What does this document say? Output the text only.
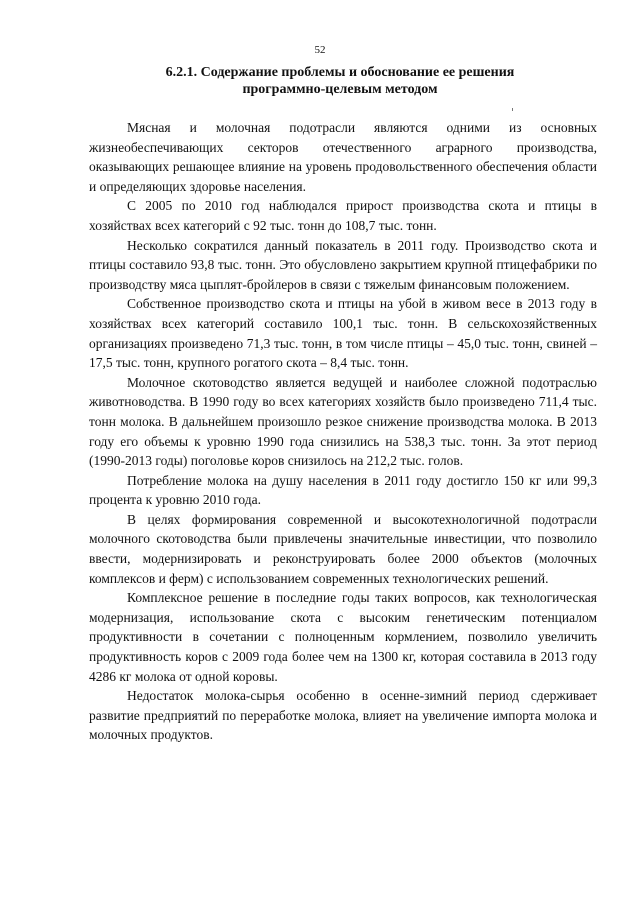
52
6.2.1. Содержание проблемы и обоснование ее решения
программно-целевым методом

Мясная и молочная подотрасли являются одними из основных жизнеобеспечивающих секторов отечественного аграрного производства, оказывающих решающее влияние на уровень продовольственного обеспечения области и определяющих здоровье населения.

С 2005 по 2010 год наблюдался прирост производства скота и птицы в хозяйствах всех категорий с 92 тыс. тонн до 108,7 тыс. тонн.

Несколько сократился данный показатель в 2011 году. Производство скота и птицы составило 93,8 тыс. тонн. Это обусловлено закрытием крупной птицефабрики по производству мяса цыплят-бройлеров в связи с тяжелым финансовым положением.

Собственное производство скота и птицы на убой в живом весе в 2013 году в хозяйствах всех категорий составило 100,1 тыс. тонн. В сельскохозяйственных организациях произведено 71,3 тыс. тонн, в том числе птицы – 45,0 тыс. тонн, свиней – 17,5 тыс. тонн, крупного рогатого скота – 8,4 тыс. тонн.

Молочное скотоводство является ведущей и наиболее сложной подотраслью животноводства. В 1990 году во всех категориях хозяйств было произведено 711,4 тыс. тонн молока. В дальнейшем произошло резкое снижение производства молока. В 2013 году его объемы к уровню 1990 года снизились на 538,3 тыс. тонн. За этот период (1990-2013 годы) поголовье коров снизилось на 212,2 тыс. голов.

Потребление молока на душу населения в 2011 году достигло 150 кг или 99,3 процента к уровню 2010 года.

В целях формирования современной и высокотехнологичной подотрасли молочного скотоводства были привлечены значительные инвестиции, что позволило ввести, модернизировать и реконструировать более 2000 объектов (молочных комплексов и ферм) с использованием современных технологических решений.

Комплексное решение в последние годы таких вопросов, как технологическая модернизация, использование скота с высоким генетическим потенциалом продуктивности в сочетании с полноценным кормлением, позволило увеличить продуктивность коров с 2009 года более чем на 1300 кг, которая составила в 2013 году 4286 кг молока от одной коровы.

Недостаток молока-сырья особенно в осенне-зимний период сдерживает развитие предприятий по переработке молока, влияет на увеличение импорта молока и молочных продуктов.
